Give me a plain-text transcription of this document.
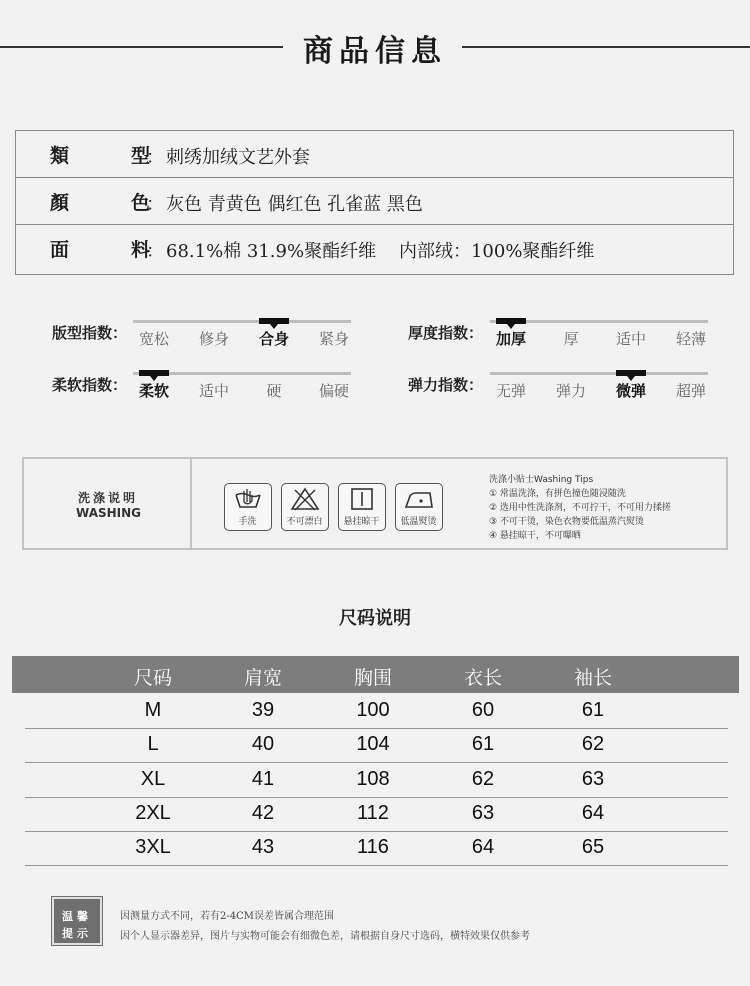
商品信息
類	型
： 刺绣加绒文艺外套
顏	色
： 灰色 青黄色 偶红色 孔雀蓝 黑色
面	料
： 68.1%棉 31.9%聚酯纤维    内部绒：100%聚酯纤维
版型指数： 宽松	修身	合身	紧身	厚度指数： 加厚	厚	适中	轻薄
柔软指数： 柔软	适中	硬	偏硬	弹力指数： 无弹	弹力	微弹	超弹
洗涤说明
WASHING
手洗	不可漂白	悬挂晾干	低温熨烫
洗涤小贴士Washing Tips
① 常温洗涤，有拼色撞色随浸随洗
② 选用中性洗涤剂，不可拧干，不可用力揉搓
③ 不可干烫，染色衣物要低温蒸汽熨烫
④ 悬挂晾干，不可曝晒
尺码说明
尺码	肩宽	胸围	衣长	袖长
M	39	100	60	61
L	40	104	61	62
XL	41	108	62	63
2XL	42	112	63	64
3XL	43	116	64	65
温馨
提示
因测量方式不同，若有2-4CM误差皆属合理范围
因个人显示器差异，图片与实物可能会有细微色差，请根据自身尺寸选码，横特效果仅供参考
